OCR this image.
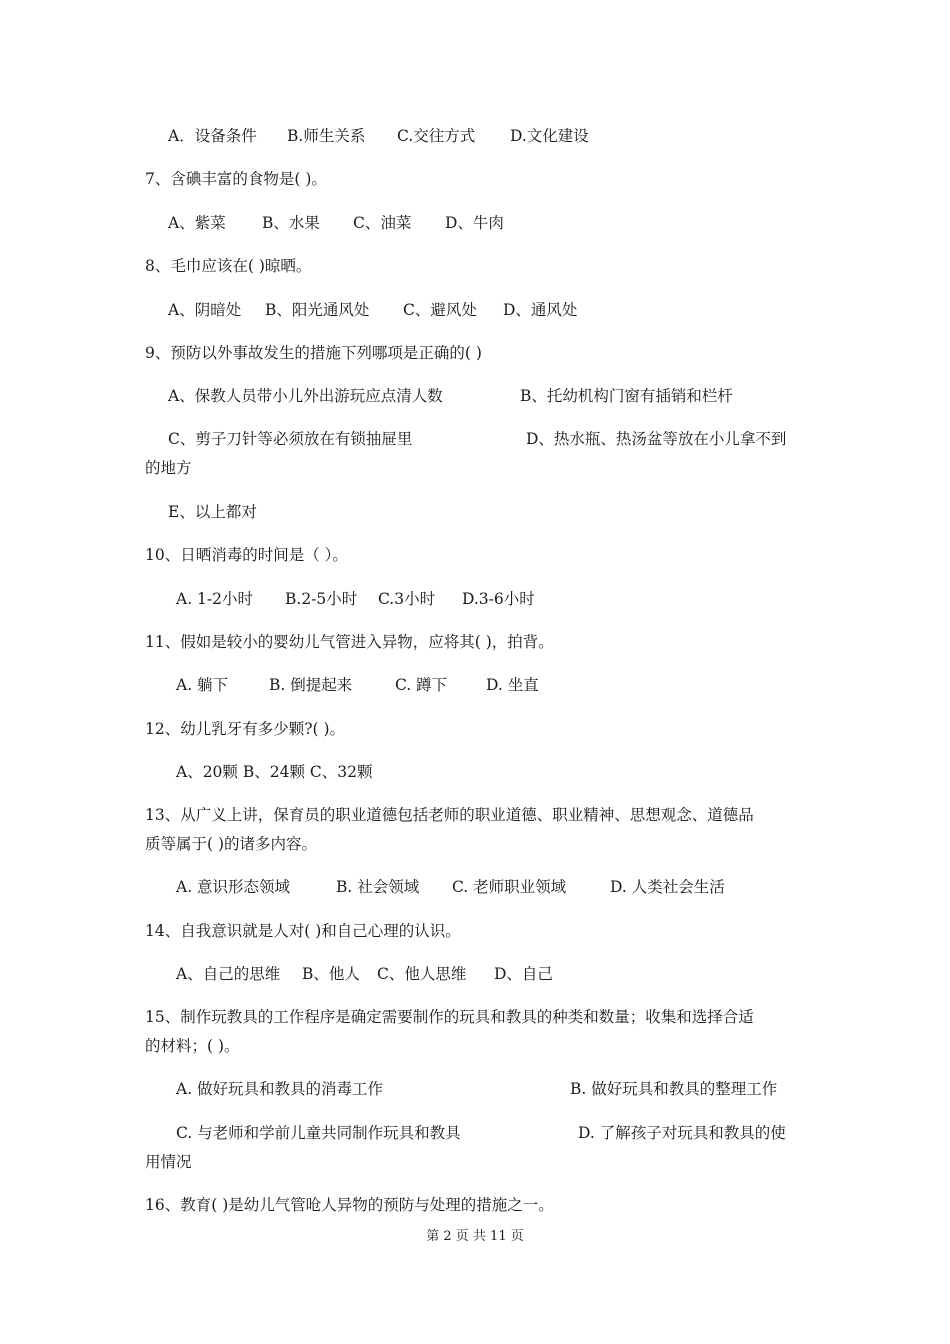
A．设备条件 B.师生关系 C.交往方式 D.文化建设
7、含碘丰富的食物是( )。
A、紫菜 B、水果 C、油菜 D、牛肉
8、毛巾应该在( )晾晒。
A、阴暗处 B、阳光通风处 C、避风处 D、通风处
9、预防以外事故发生的措施下列哪项是正确的( )
A、保教人员带小儿外出游玩应点清人数	B、托幼机构门窗有插销和栏杆
C、剪子刀针等必须放在有锁抽屉里	D、热水瓶、热汤盆等放在小儿拿不到
的地方
E、以上都对
10、日晒消毒的时间是（ ）。
A. 1-2小时 B.2-5小时 C.3小时 D.3-6小时
11、假如是较小的婴幼儿气管进入异物，应将其( )，拍背。
A. 躺下	B. 倒提起来	C. 蹲下	D. 坐直
12、幼儿乳牙有多少颗?( )。
A、20颗 B、24颗 C、32颗
13、从广义上讲，保育员的职业道德包括老师的职业道德、职业精神、思想观念、道德品
质等属于( )的诸多内容。
A. 意识形态领域	B. 社会领域 C. 老师职业领域	D. 人类社会生活
14、自我意识就是人对( )和自己心理的认识。
A、自己的思维 B、他人 C、他人思维 D、自己
15、制作玩教具的工作程序是确定需要制作的玩具和教具的种类和数量；收集和选择合适
的材料；( )。
A. 做好玩具和教具的消毒工作	B. 做好玩具和教具的整理工作
C. 与老师和学前儿童共同制作玩具和教具	D. 了解孩子对玩具和教具的使
用情况
16、教育( )是幼儿气管呛人异物的预防与处理的措施之一。
第 2 页 共 11 页
